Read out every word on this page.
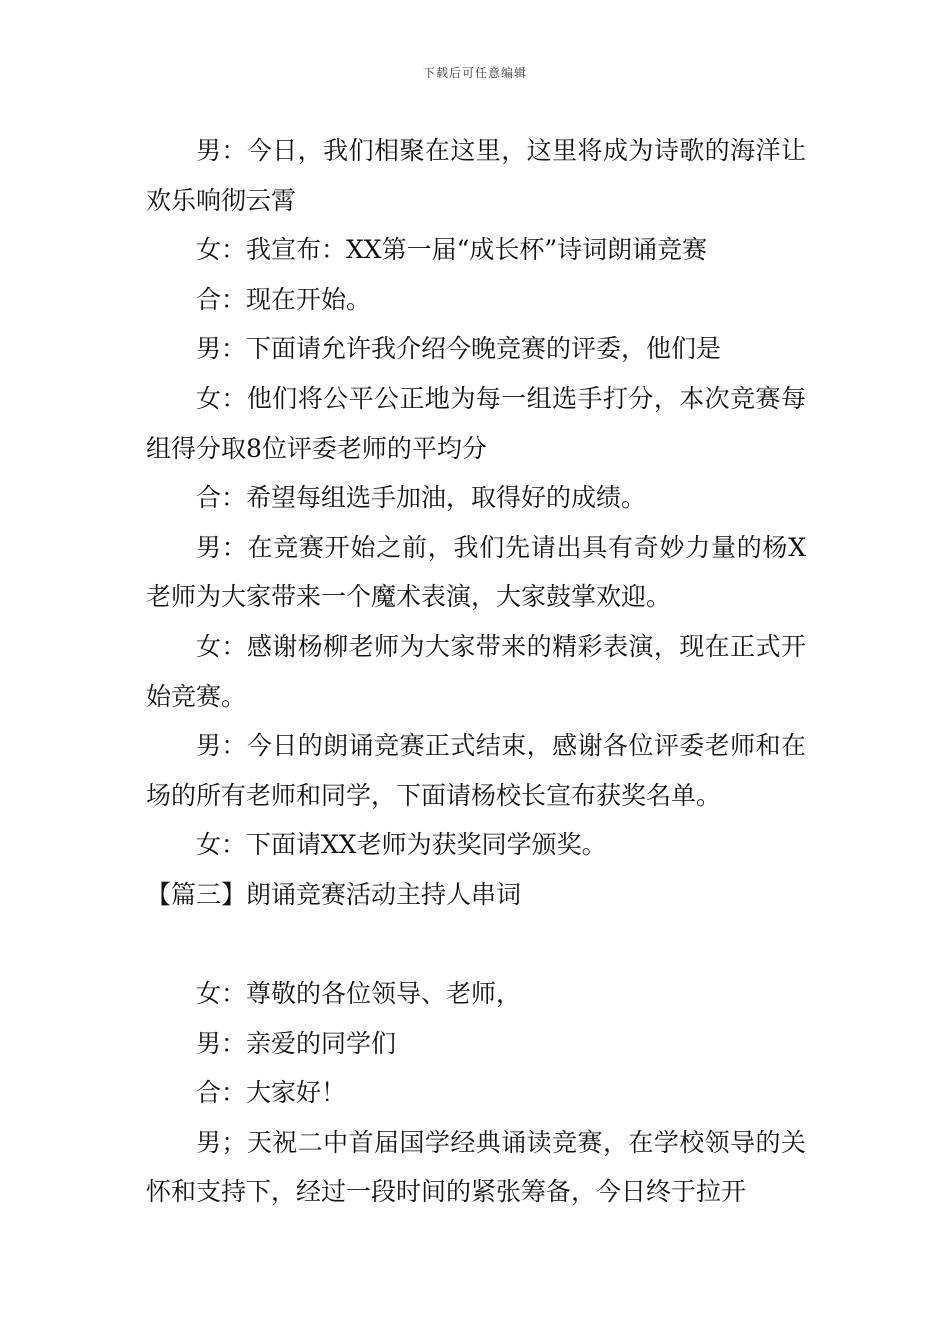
下载后可任意编辑

男：今日，我们相聚在这里，这里将成为诗歌的海洋让欢乐响彻云霄

女：我宣布：XX第一届“成长杯”诗词朗诵竞赛

合：现在开始。

男：下面请允许我介绍今晚竞赛的评委，他们是

女：他们将公平公正地为每一组选手打分，本次竞赛每组得分取8位评委老师的平均分

合：希望每组选手加油，取得好的成绩。

男：在竞赛开始之前，我们先请出具有奇妙力量的杨X老师为大家带来一个魔术表演，大家鼓掌欢迎。

女：感谢杨柳老师为大家带来的精彩表演，现在正式开始竞赛。

男：今日的朗诵竞赛正式结束，感谢各位评委老师和在场的所有老师和同学，下面请杨校长宣布获奖名单。

女：下面请XX老师为获奖同学颁奖。

【篇三】朗诵竞赛活动主持人串词

女：尊敬的各位领导、老师，

男：亲爱的同学们

合：大家好！

男；天祝二中首届国学经典诵读竞赛，在学校领导的关怀和支持下，经过一段时间的紧张筹备，今日终于拉开
